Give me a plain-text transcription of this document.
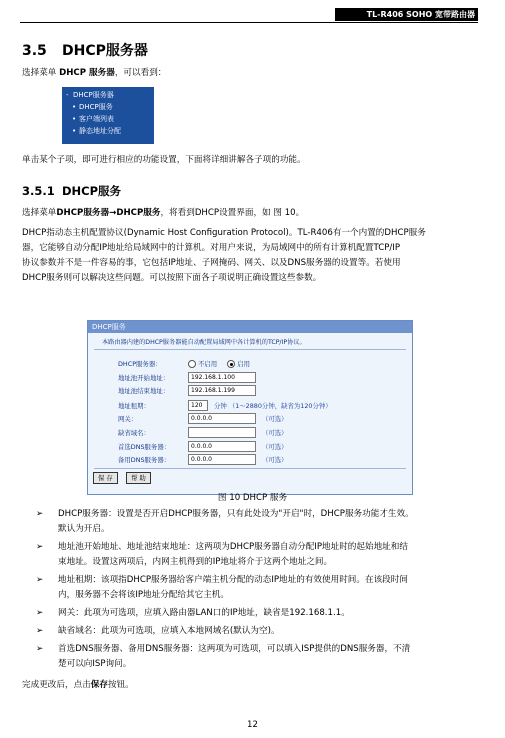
TL-R406 SOHO 宽带路由器
3.5 DHCP服务器
选择菜单 DHCP 服务器，可以看到：
- DHCP服务器
• DHCP服务
• 客户端列表
• 静态地址分配
单击某个子项，即可进行相应的功能设置，下面将详细讲解各子项的功能。
3.5.1 DHCP服务
选择菜单DHCP服务器→DHCP服务，将看到DHCP设置界面，如 图 10。
DHCP指动态主机配置协议(Dynamic Host Configuration Protocol)。TL-R406有一个内置的DHCP服务
器，它能够自动分配IP地址给局域网中的计算机。对用户来说，为局域网中的所有计算机配置TCP/IP
协议参数并不是一件容易的事，它包括IP地址、子网掩码、网关、以及DNS服务器的设置等。若使用
DHCP服务则可以解决这些问题。可以按照下面各子项说明正确设置这些参数。
DHCP服务
本路由器内建的DHCP服务器能自动配置局域网中各计算机的TCP/IP协议。
DHCP服务器：	不启用	启用
地址池开始地址：	192.168.1.100
地址池结束地址：	192.168.1.199
地址租期：	120 分钟 （1～2880分钟，缺省为120分钟）
网关：	0.0.0.0	（可选）
缺省域名：	（可选）
首选DNS服务器：	0.0.0.0	（可选）
备用DNS服务器：	0.0.0.0	（可选）
保 存	帮 助
图 10 DHCP 服务
➢ DHCP服务器：设置是否开启DHCP服务器，只有此处设为"开启"时，DHCP服务功能才生效。
默认为开启。
➢ 地址池开始地址、地址池结束地址：这两项为DHCP服务器自动分配IP地址时的起始地址和结
束地址。设置这两项后，内网主机得到的IP地址将介于这两个地址之间。
➢ 地址租期：该项指DHCP服务器给客户端主机分配的动态IP地址的有效使用时间。在该段时间
内，服务器不会将该IP地址分配给其它主机。
➢ 网关：此项为可选项，应填入路由器LAN口的IP地址，缺省是192.168.1.1。
➢ 缺省域名：此项为可选项，应填入本地网域名(默认为空)。
➢ 首选DNS服务器、备用DNS服务器：这两项为可选项，可以填入ISP提供的DNS服务器，不清
楚可以向ISP询问。
完成更改后，点击保存按钮。
12
